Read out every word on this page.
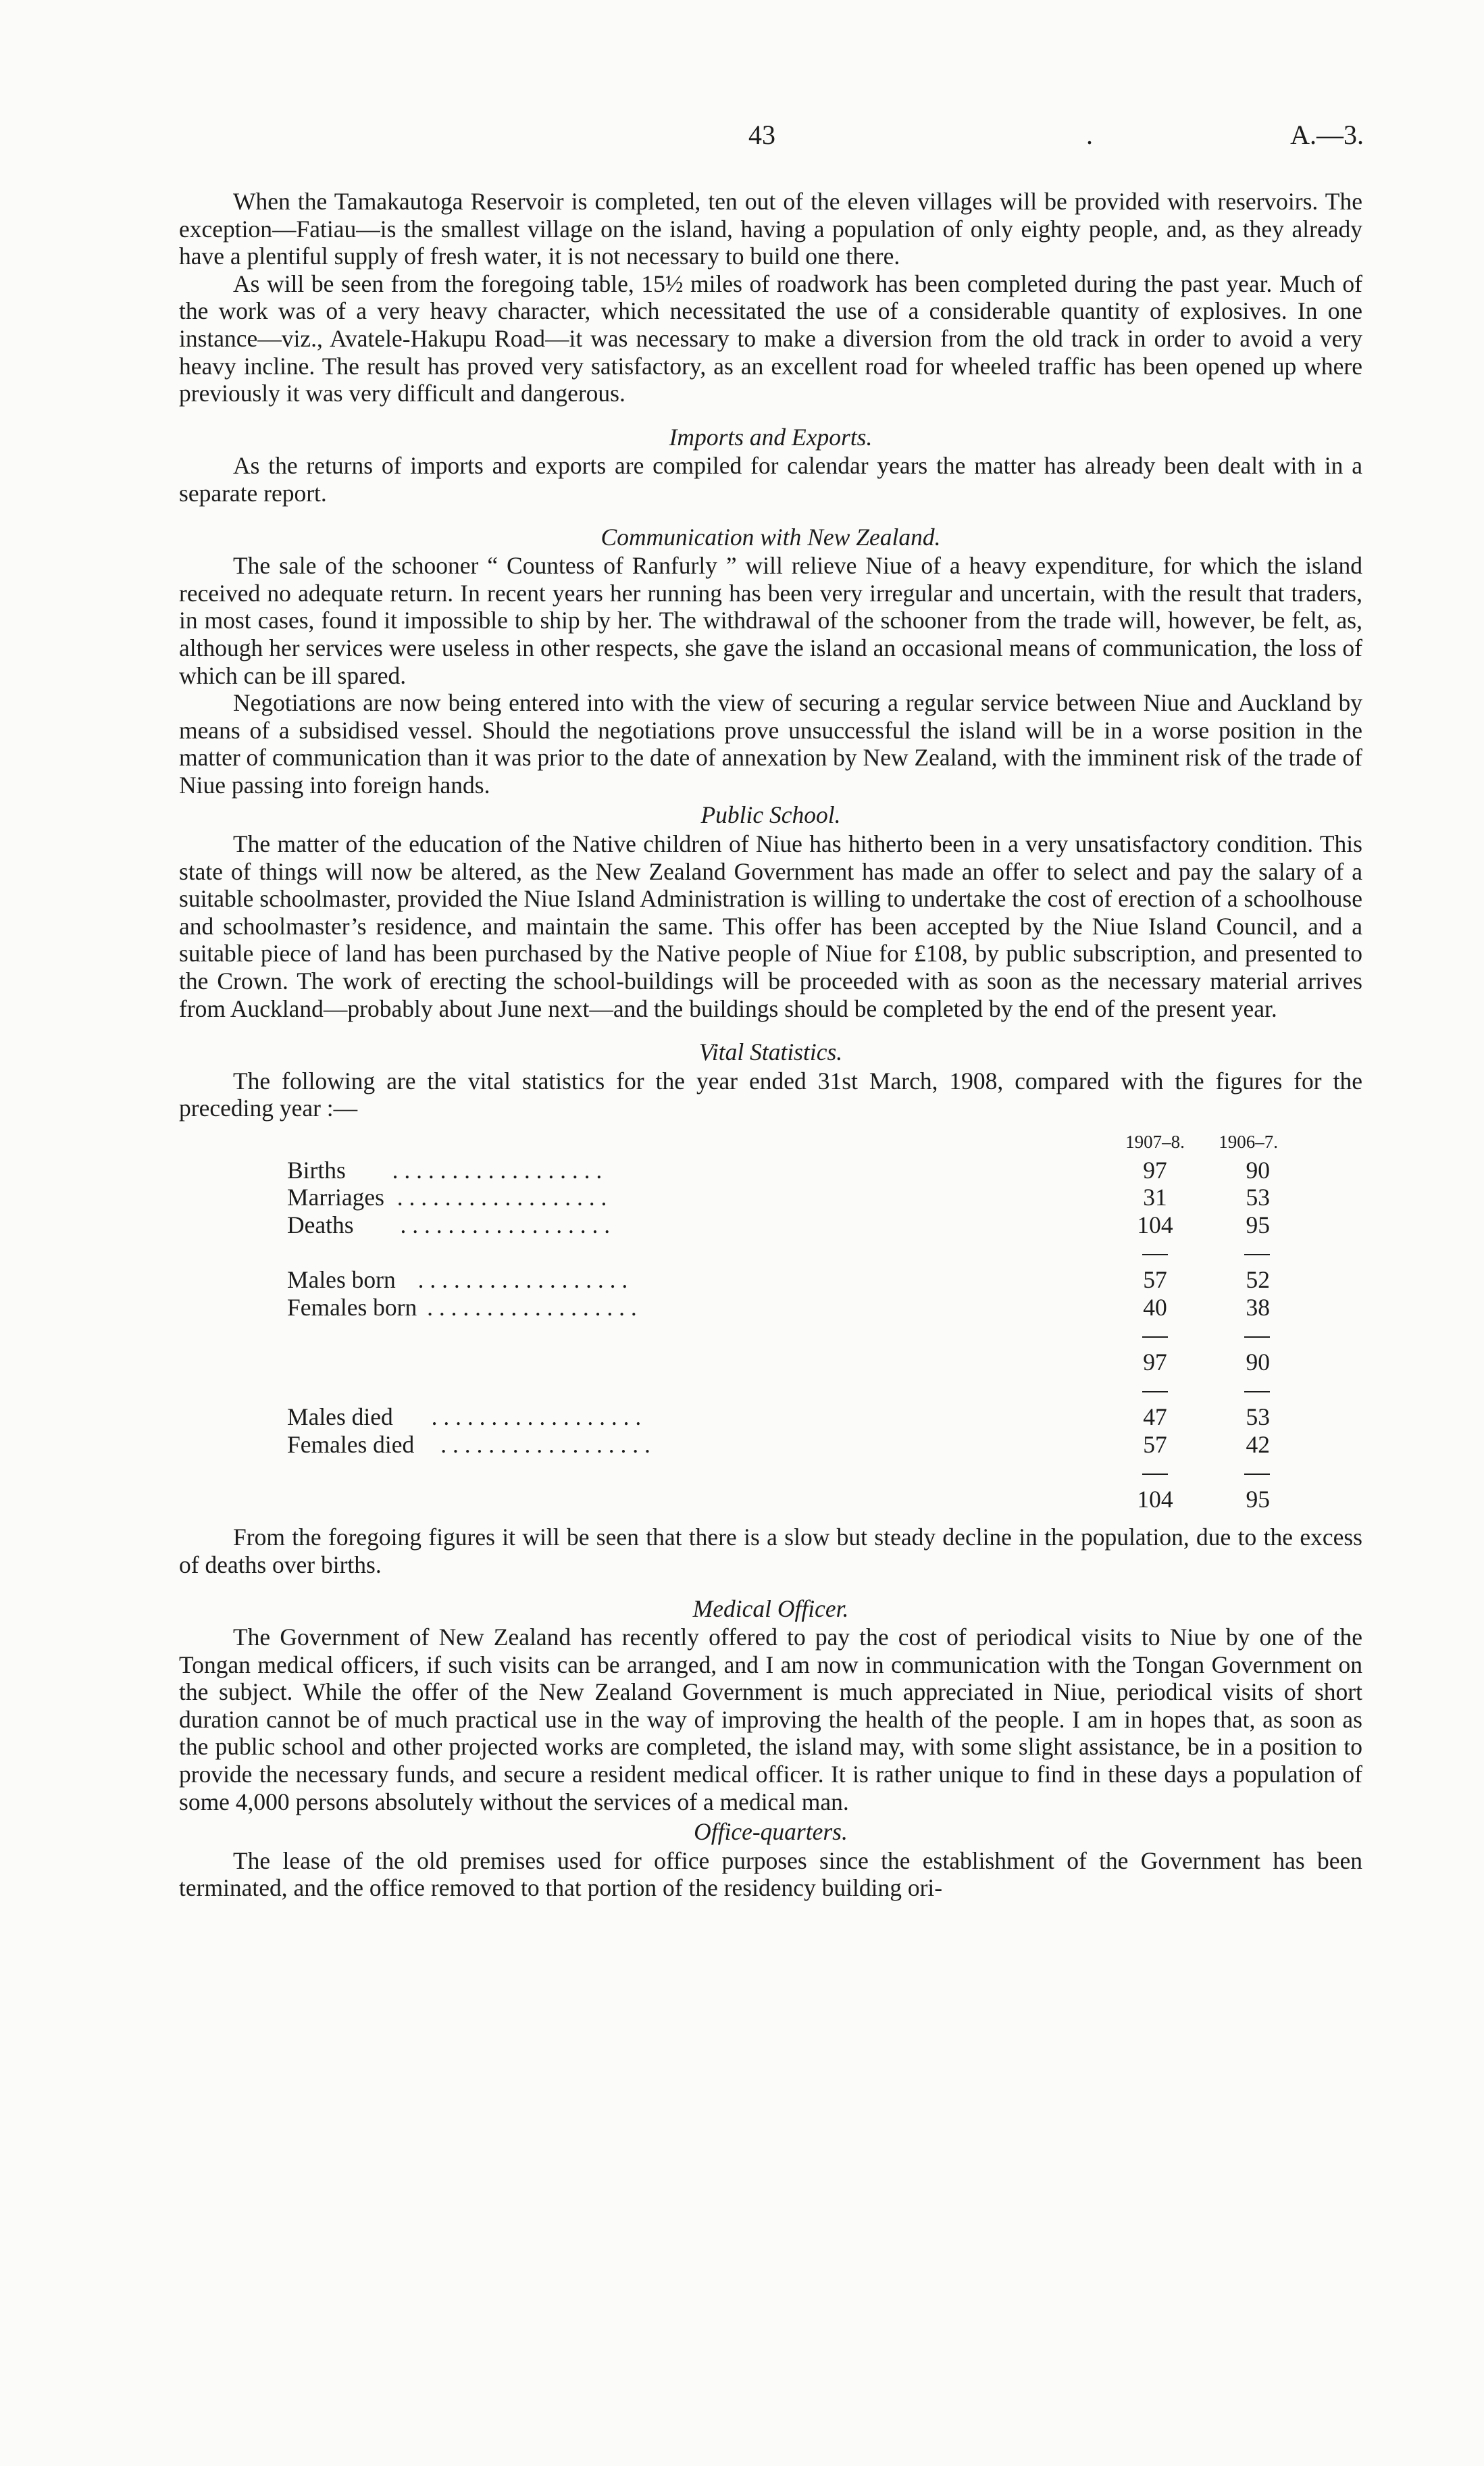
43	.	A.—3.

When the Tamakautoga Reservoir is completed, ten out of the eleven villages will be provided with reservoirs. The exception—Fatiau—is the smallest village on the island, having a population of only eighty people, and, as they already have a plentiful supply of fresh water, it is not necessary to build one there.

As will be seen from the foregoing table, 15½ miles of roadwork has been completed during the past year. Much of the work was of a very heavy character, which necessitated the use of a considerable quantity of explosives. In one instance—viz., Avatele-Hakupu Road—it was necessary to make a diversion from the old track in order to avoid a very heavy incline. The result has proved very satisfactory, as an excellent road for wheeled traffic has been opened up where previously it was very difficult and dangerous.

Imports and Exports.

As the returns of imports and exports are compiled for calendar years the matter has already been dealt with in a separate report.

Communication with New Zealand.

The sale of the schooner “ Countess of Ranfurly ” will relieve Niue of a heavy expenditure, for which the island received no adequate return. In recent years her running has been very irregular and uncertain, with the result that traders, in most cases, found it impossible to ship by her. The withdrawal of the schooner from the trade will, however, be felt, as, although her services were useless in other respects, she gave the island an occasional means of communication, the loss of which can be ill spared.

Negotiations are now being entered into with the view of securing a regular service between Niue and Auckland by means of a subsidised vessel. Should the negotiations prove unsuccessful the island will be in a worse position in the matter of communication than it was prior to the date of annexation by New Zealand, with the imminent risk of the trade of Niue passing into foreign hands.

Public School.

The matter of the education of the Native children of Niue has hitherto been in a very unsatisfactory condition. This state of things will now be altered, as the New Zealand Government has made an offer to select and pay the salary of a suitable schoolmaster, provided the Niue Island Administration is willing to undertake the cost of erection of a schoolhouse and schoolmaster’s residence, and maintain the same. This offer has been accepted by the Niue Island Council, and a suitable piece of land has been purchased by the Native people of Niue for £108, by public subscription, and presented to the Crown. The work of erecting the school-buildings will be proceeded with as soon as the necessary material arrives from Auckland—probably about June next—and the buildings should be completed by the end of the present year.

Vital Statistics.

The following are the vital statistics for the year ended 31st March, 1908, compared with the figures for the preceding year :—

	1907–8.	1906–7.
Births . . . . . . . . . . . . . . . . . .	97	90
Marriages . . . . . . . . . . . . . . . . . .	31	53
Deaths . . . . . . . . . . . . . . . . . .	104	95

Males born . . . . . . . . . . . . . . . . . .	57	52
Females born . . . . . . . . . . . . . . . . . .	40	38

	97	90

Males died . . . . . . . . . . . . . . . . . .	47	53
Females died . . . . . . . . . . . . . . . . . .	57	42

	104	95

From the foregoing figures it will be seen that there is a slow but steady decline in the population, due to the excess of deaths over births.

Medical Officer.

The Government of New Zealand has recently offered to pay the cost of periodical visits to Niue by one of the Tongan medical officers, if such visits can be arranged, and I am now in communication with the Tongan Government on the subject. While the offer of the New Zealand Government is much appreciated in Niue, periodical visits of short duration cannot be of much practical use in the way of improving the health of the people. I am in hopes that, as soon as the public school and other projected works are completed, the island may, with some slight assistance, be in a position to provide the necessary funds, and secure a resident medical officer. It is rather unique to find in these days a population of some 4,000 persons absolutely without the services of a medical man.

Office-quarters.

The lease of the old premises used for office purposes since the establishment of the Government has been terminated, and the office removed to that portion of the residency building ori-
